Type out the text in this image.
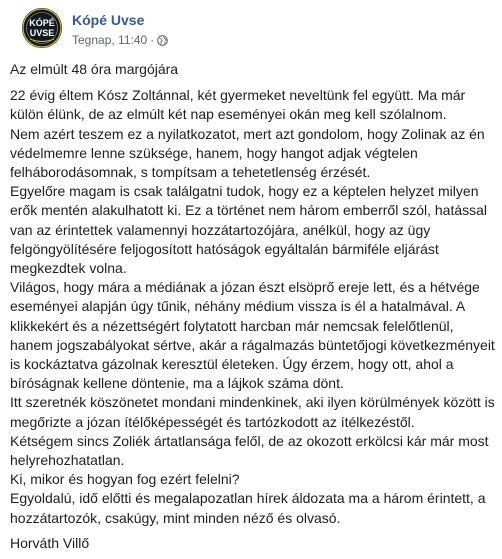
KÓPÉ
UVSE
Kópé Uvse
Tegnap, 11:40 ·

Az elmúlt 48 óra margójára

22 évig éltem Kósz Zoltánnal, két gyermeket neveltünk fel együtt. Ma már külön élünk, de az elmúlt két nap eseményei okán meg kell szólalnom.

Nem azért teszem ez a nyilatkozatot, mert azt gondolom, hogy Zolinak az én védelmemre lenne szüksége, hanem, hogy hangot adjak végtelen felháborodásomnak, s tompítsam a tehetetlenség érzését.

Egyelőre magam is csak találgatni tudok, hogy ez a képtelen helyzet milyen erők mentén alakulhatott ki. Ez a történet nem három emberről szól, hatással van az érintettek valamennyi hozzátartozójára, anélkül, hogy az ügy felgöngyölítésére feljogosított hatóságok egyáltalán bármiféle eljárást megkezdtek volna.

Világos, hogy mára a médiának a józan észt elsöprő ereje lett, és a hétvége eseményei alapján úgy tűnik, néhány médium vissza is él a hatalmával. A klikkekért és a nézettségért folytatott harcban már nemcsak felelőtlenül, hanem jogszabályokat sértve, akár a rágalmazás büntetőjogi következményeit is kockáztatva gázolnak keresztül életeken. Úgy érzem, hogy ott, ahol a bíróságnak kellene döntenie, ma a lájkok száma dönt.

Itt szeretnék köszönetet mondani mindenkinek, aki ilyen körülmények között is megőrizte a józan ítélőképességét és tartózkodott az ítélkezéstől.

Kétségem sincs Zoliék ártatlansága felől, de az okozott erkölcsi kár már most helyrehozhatatlan.

Ki, mikor és hogyan fog ezért felelni?

Egyoldalú, idő előtti és megalapozatlan hírek áldozata ma a három érintett, a hozzátartozók, csakúgy, mint minden néző és olvasó.

Horváth Villő
